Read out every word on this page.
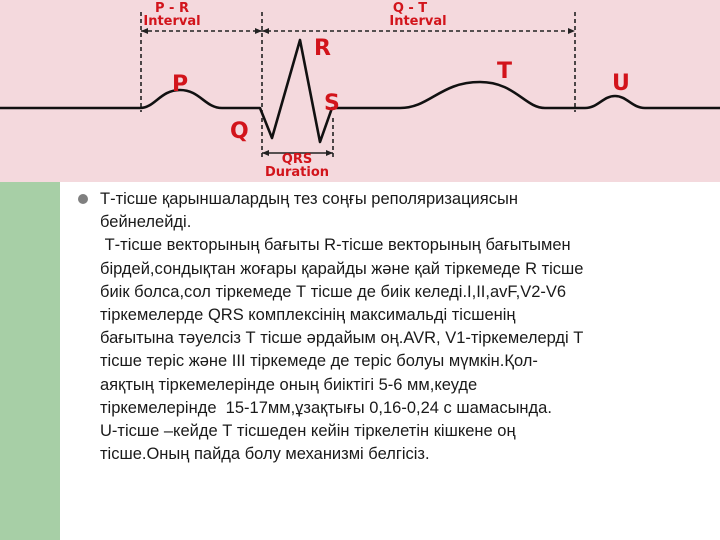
P - R
Interval
Q - T
Interval
R
P
T	U
S
Q
QRS
Duration
Т-тісше қарыншалардың тез соңғы реполяризациясын
бейнелейді.
Т-тісше векторының бағыты R-тісше векторының бағытымен
бірдей,сондықтан жоғары қарайды және қай тіркемеде R тісше
биік болса,сол тіркемеде Т тісше де биік келеді.I,II,avF,V2-V6
тіркемелерде QRS комплексінің максимальді тісшенің
бағытына тәуелсіз Т тісше әрдайым оң.AVR, V1-тіркемелерді Т
тісше теріс және III тіркемеде де теріс болуы мүмкін.Қол-
аяқтың тіркемелерінде оның биіктігі 5-6 мм,кеуде
тіркемелерінде  15-17мм,ұзақтығы 0,16-0,24 с шамасында.
U-тісше –кейде Т тісшеден кейін тіркелетін кішкене оң
тісше.Оның пайда болу механизмі белгісіз.
